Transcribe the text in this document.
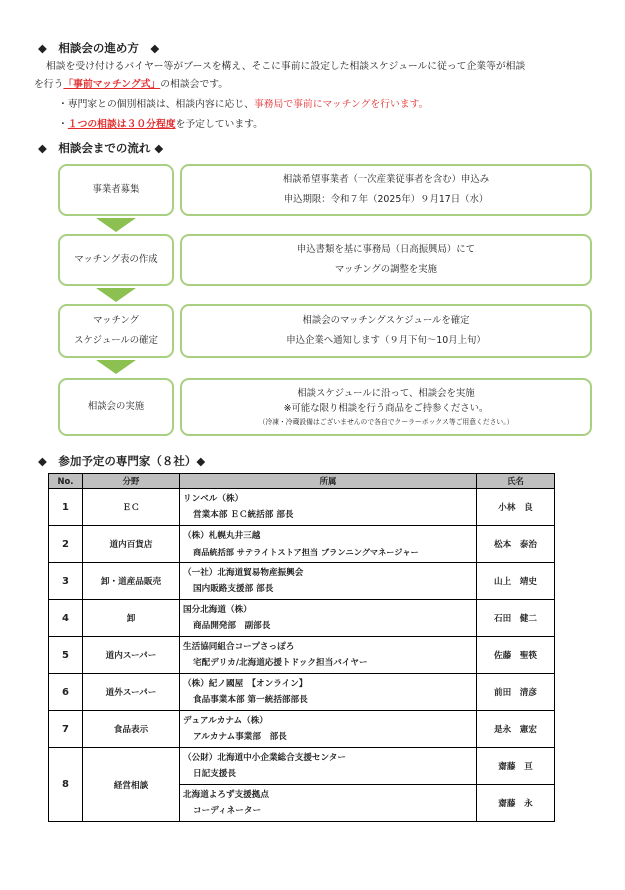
◆　相談会の進め方　◆
相談を受け付けるバイヤー等がブースを構え、そこに事前に設定した相談スケジュールに従って企業等が相談
を行う「事前マッチング式」の相談会です。
・専門家との個別相談は、相談内容に応じ、事務局で事前にマッチングを行います。
・１つの相談は３０分程度を予定しています。
◆　相談会までの流れ ◆
事業者募集
相談希望事業者（一次産業従事者を含む）申込み
申込期限：令和７年（2025年）９月17日（水）
マッチング表の作成
申込書類を基に事務局（日高振興局）にて
マッチングの調整を実施
マッチング
スケジュールの確定
相談会のマッチングスケジュールを確定
申込企業へ通知します（９月下旬〜10月上旬）
相談会の実施
相談スケジュールに沿って、相談会を実施
※可能な限り相談を行う商品をご持参ください。
（冷凍・冷蔵設備はございませんので各自でクーラーボックス等ご用意ください。）
◆　参加予定の専門家（８社）◆
No.	分野	所属	氏名
1	ＥＣ	リンベル（株）
営業本部 ＥＣ統括部 部長	小林　良
2	道内百貨店	（株）札幌丸井三越
商品統括部 サテライトストア担当 ブランニングマネージャー	松本　泰治
3	卸・道産品販売	（一社）北海道貿易物産振興会
国内販路支援部 部長	山上　靖史
4	卸	国分北海道（株）
商品開発部　副部長	石田　健二
5	道内スーパー	生活協同組合コープさっぽろ
宅配デリカ/北海道応援トドック担当バイヤー	佐藤　聖筷
6	道外スーパー	（株）紀ノ國屋　【オンライン】
食品事業本部 第一統括部部長	前田　清彦
7	食品表示	デュアルカナム（株）
アルカナム事業部　部長	是永　憲宏
8	経営相談	（公財）北海道中小企業総合支援センター
日記支援長	齋藤　亘

		北海道よろず支援拠点
コーディネーター	齋藤　永
